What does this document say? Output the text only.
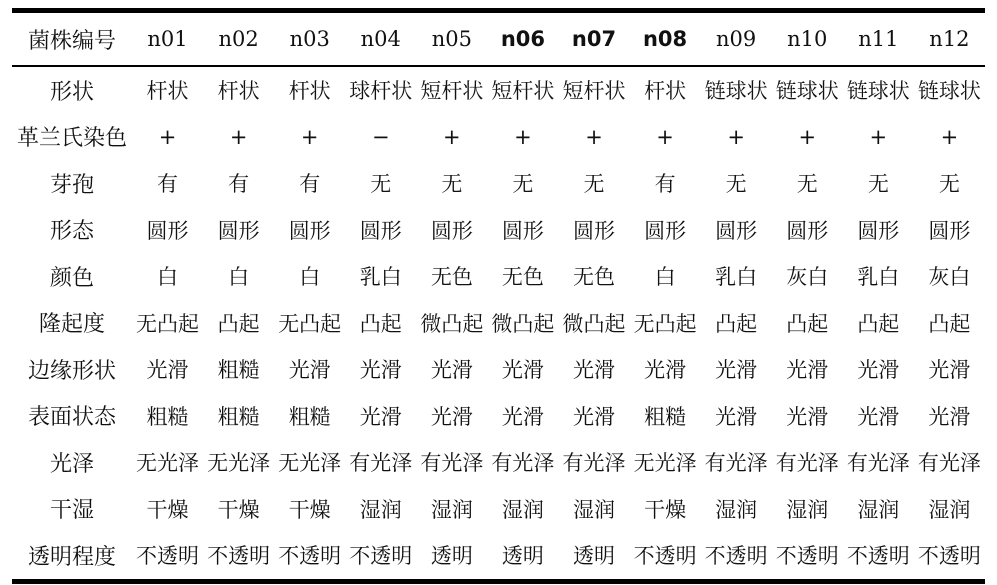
菌株编号	n01	n02	n03	n04	n05	n06	n07	n08	n09	n10	n11	n12
形状	杆状	杆状	杆状	球杆状	短杆状	短杆状	短杆状	杆状	链球状	链球状	链球状	链球状
革兰氏染色	+	+	+	−	+	+	+	+	+	+	+	+
芽孢	有	有	有	无	无	无	无	有	无	无	无	无
形态	圆形	圆形	圆形	圆形	圆形	圆形	圆形	圆形	圆形	圆形	圆形	圆形
颜色	白	白	白	乳白	无色	无色	无色	白	乳白	灰白	乳白	灰白
隆起度	无凸起	凸起	无凸起	凸起	微凸起	微凸起	微凸起	无凸起	凸起	凸起	凸起	凸起
边缘形状	光滑	粗糙	光滑	光滑	光滑	光滑	光滑	光滑	光滑	光滑	光滑	光滑
表面状态	粗糙	粗糙	粗糙	光滑	光滑	光滑	光滑	粗糙	光滑	光滑	光滑	光滑
光泽	无光泽	无光泽	无光泽	有光泽	有光泽	有光泽	有光泽	无光泽	有光泽	有光泽	有光泽	有光泽
干湿	干燥	干燥	干燥	湿润	湿润	湿润	湿润	干燥	湿润	湿润	湿润	湿润
透明程度	不透明	不透明	不透明	不透明	透明	透明	透明	不透明	不透明	不透明	不透明	不透明
